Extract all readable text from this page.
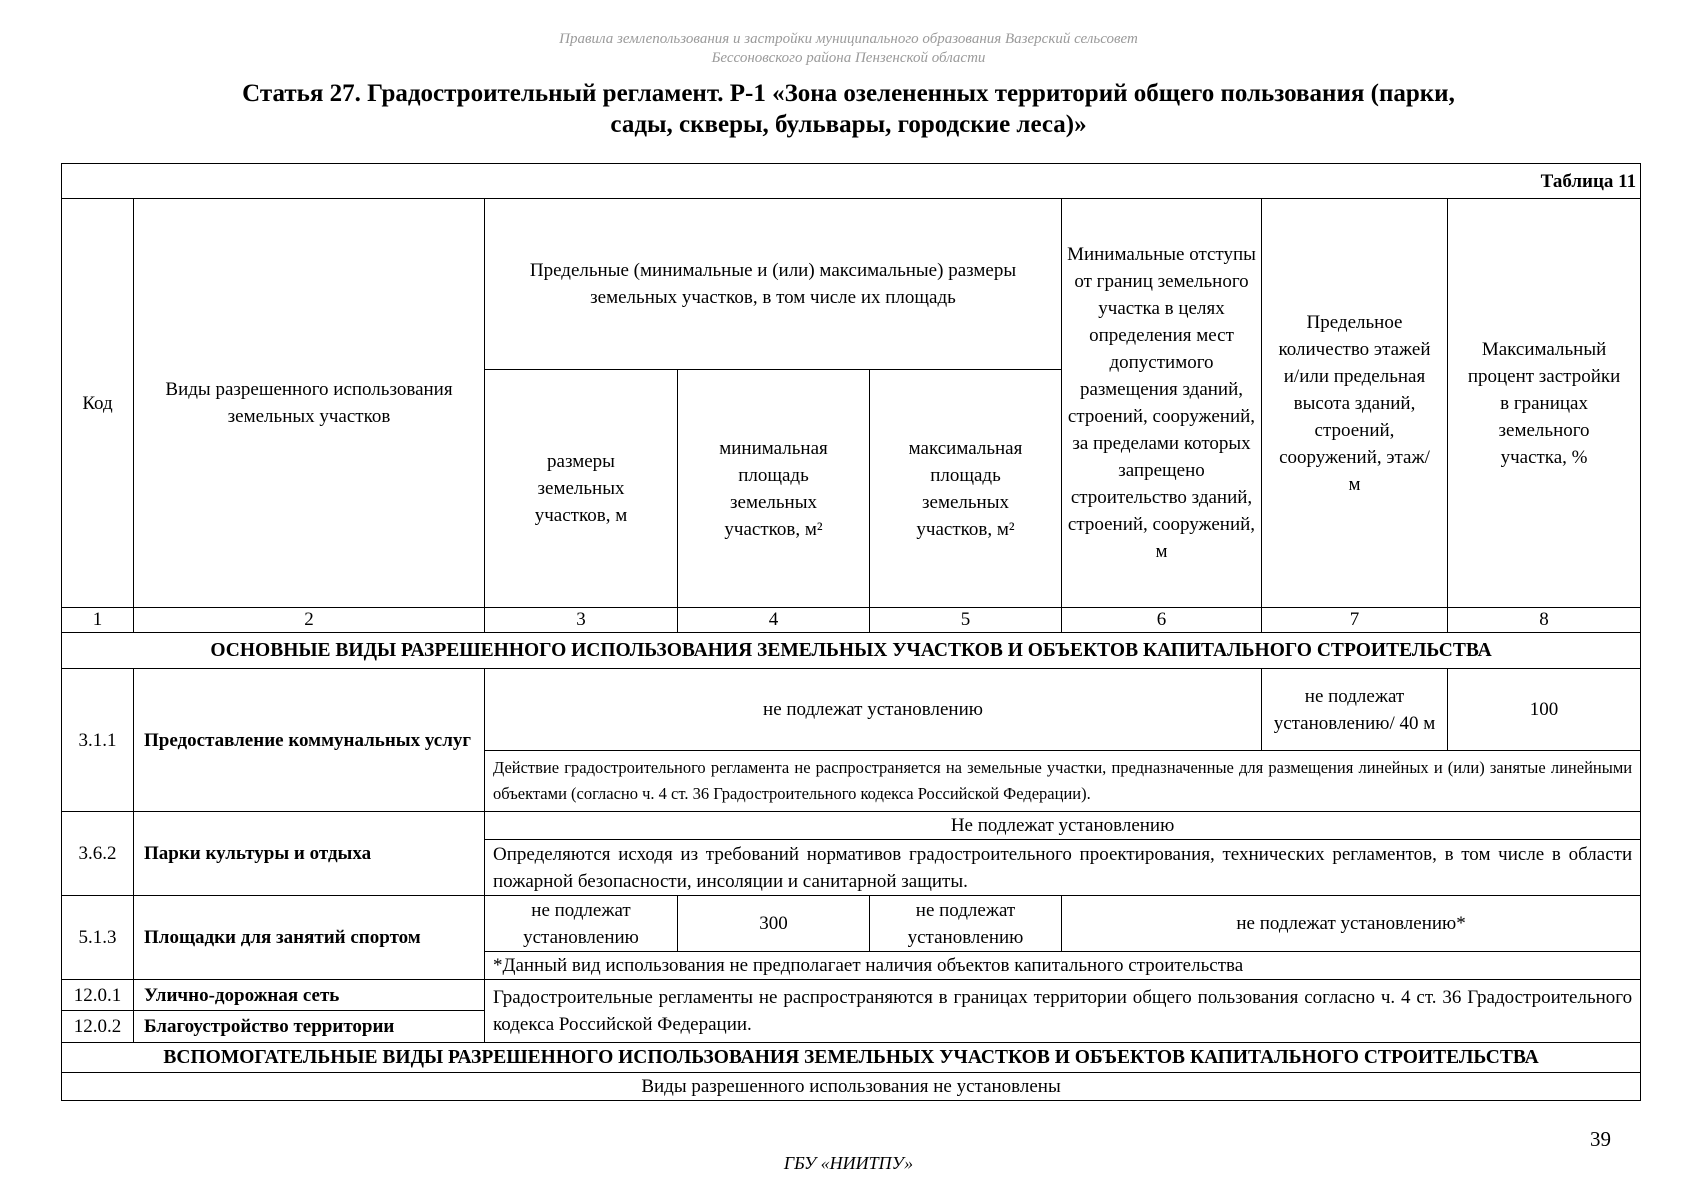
Правила землепользования и застройки муниципального образования Вазерский сельсовет
Бессоновского района Пензенской области
Статья 27. Градостроительный регламент. Р-1 «Зона озелененных территорий общего пользования (парки,
сады, скверы, бульвары, городские леса)»
Таблица 11							
Код	Виды разрешенного использования земельных участков	Предельные (минимальные и (или) максимальные) размеры земельных участков, в том числе их площадь			Минимальные отступы от границ земельного участка в целях определения мест допустимого размещения зданий, строений, сооружений, за пределами которых запрещено строительство зданий, строений, сооружений, м	Предельное количество этажей и/или предельная высота зданий, строений, сооружений, этаж/м	Максимальный процент застройки в границах земельного участка, %
		размеры земельных участков, м	минимальная площадь земельных участков, м²	максимальная площадь земельных участков, м²			
1	2	3	4	5	6	7	8
ОСНОВНЫЕ ВИДЫ РАЗРЕШЕННОГО ИСПОЛЬЗОВАНИЯ ЗЕМЕЛЬНЫХ УЧАСТКОВ И ОБЪЕКТОВ КАПИТАЛЬНОГО СТРОИТЕЛЬСТВА							
3.1.1	Предоставление коммунальных услуг	не подлежат установлению				не подлежат установлению/ 40 м	100
		Действие градостроительного регламента не распространяется на земельные участки, предназначенные для размещения линейных и (или) занятые линейными объектами (согласно ч. 4 ст. 36 Градостроительного кодекса Российской Федерации).					
3.6.2	Парки культуры и отдыха	Не подлежат установлению					
		Определяются исходя из требований нормативов градостроительного проектирования, технических регламентов, в том числе в области пожарной безопасности, инсоляции и санитарной защиты.					
5.1.3	Площадки для занятий спортом	не подлежат установлению	300	не подлежат установлению	не подлежат установлению*		
		*Данный вид использования не предполагает наличия объектов капитального строительства					
12.0.1	Улично-дорожная сеть	Градостроительные регламенты не распространяются в границах территории общего пользования согласно ч. 4 ст. 36 Градостроительного кодекса Российской Федерации.					
12.0.2	Благоустройство территории						
ВСПОМОГАТЕЛЬНЫЕ ВИДЫ РАЗРЕШЕННОГО ИСПОЛЬЗОВАНИЯ ЗЕМЕЛЬНЫХ УЧАСТКОВ И ОБЪЕКТОВ КАПИТАЛЬНОГО СТРОИТЕЛЬСТВА							
Виды разрешенного использования не установлены							
39
ГБУ «НИИТПУ»
